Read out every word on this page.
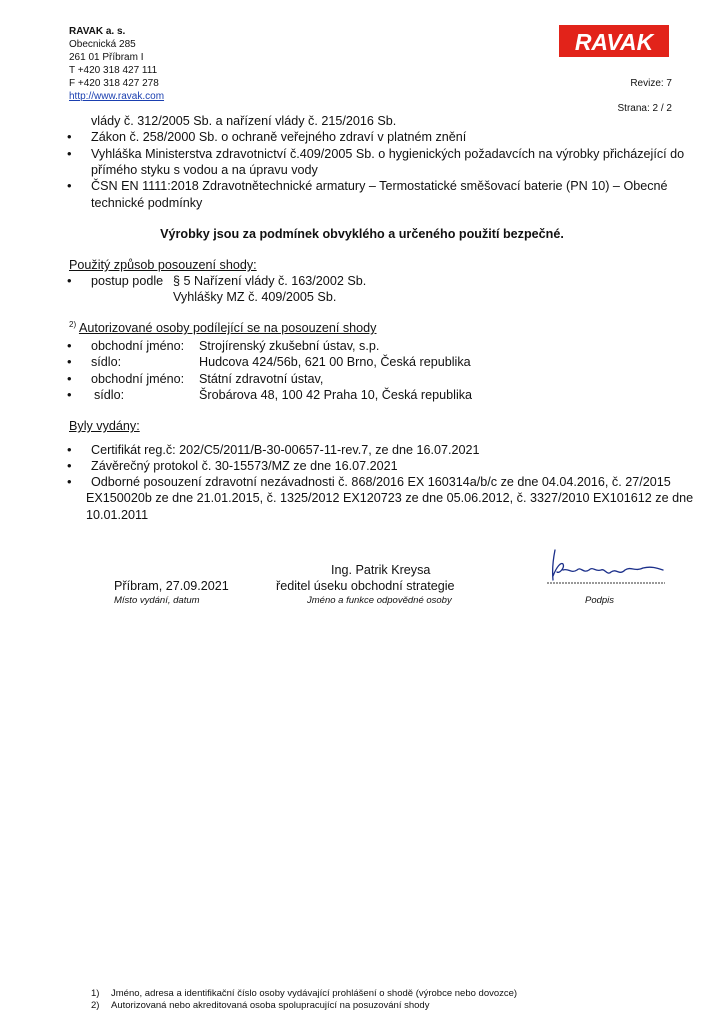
RAVAK a. s.
Obecnická 285
261 01 Příbram I
T +420 318 427 111
F +420 318 427 278
http://www.ravak.com
RAVAK
Revize: 7
Strana: 2 / 2
vlády č. 312/2005 Sb. a nařízení vlády č. 215/2016 Sb.
• Zákon č. 258/2000 Sb. o ochraně veřejného zdraví v platném znění
• Vyhláška Ministerstva zdravotnictví č.409/2005 Sb. o hygienických požadavcích na výrobky přicházející do
přímého styku s vodou a na úpravu vody
• ČSN EN 1111:2018 Zdravotnětechnické armatury – Termostatické směšovací baterie (PN 10) – Obecné
technické podmínky
Výrobky jsou za podmínek obvyklého a určeného použití bezpečné.
Použitý způsob posouzení shody:
• postup podle § 5 Nařízení vlády č. 163/2002 Sb.
Vyhlášky MZ č. 409/2005 Sb.
$^{2)}$ Autorizované osoby podílející se na posouzení shody
• obchodní jméno: Strojírenský zkušební ústav, s.p.
• sídlo:	Hudcova 424/56b, 621 00 Brno, Česká republika
• obchodní jméno: Státní zdravotní ústav,
• sídlo:	Šrobárova 48, 100 42 Praha 10, Česká republika
Byly vydány:
• Certifikát reg.č: 202/C5/2011/B-30-00657-11-rev.7, ze dne 16.07.2021
• Závěrečný protokol č. 30-15573/MZ ze dne 16.07.2021
• Odborné posouzení zdravotní nezávadnosti č. 868/2016 EX 160314a/b/c ze dne 04.04.2016, č. 27/2015
EX150020b ze dne 21.01.2015, č. 1325/2012 EX120723 ze dne 05.06.2012, č. 3327/2010 EX101612 ze dne
10.01.2011
Ing. Patrik Kreysa
Příbram, 27.09.2021	ředitel úseku obchodní strategie
Místo vydání, datum	Jméno a funkce odpovědné osoby	Podpis
1) Jméno, adresa a identifikační číslo osoby vydávající prohlášení o shodě (výrobce nebo dovozce)
2) Autorizovaná nebo akreditovaná osoba spolupracující na posuzování shody
